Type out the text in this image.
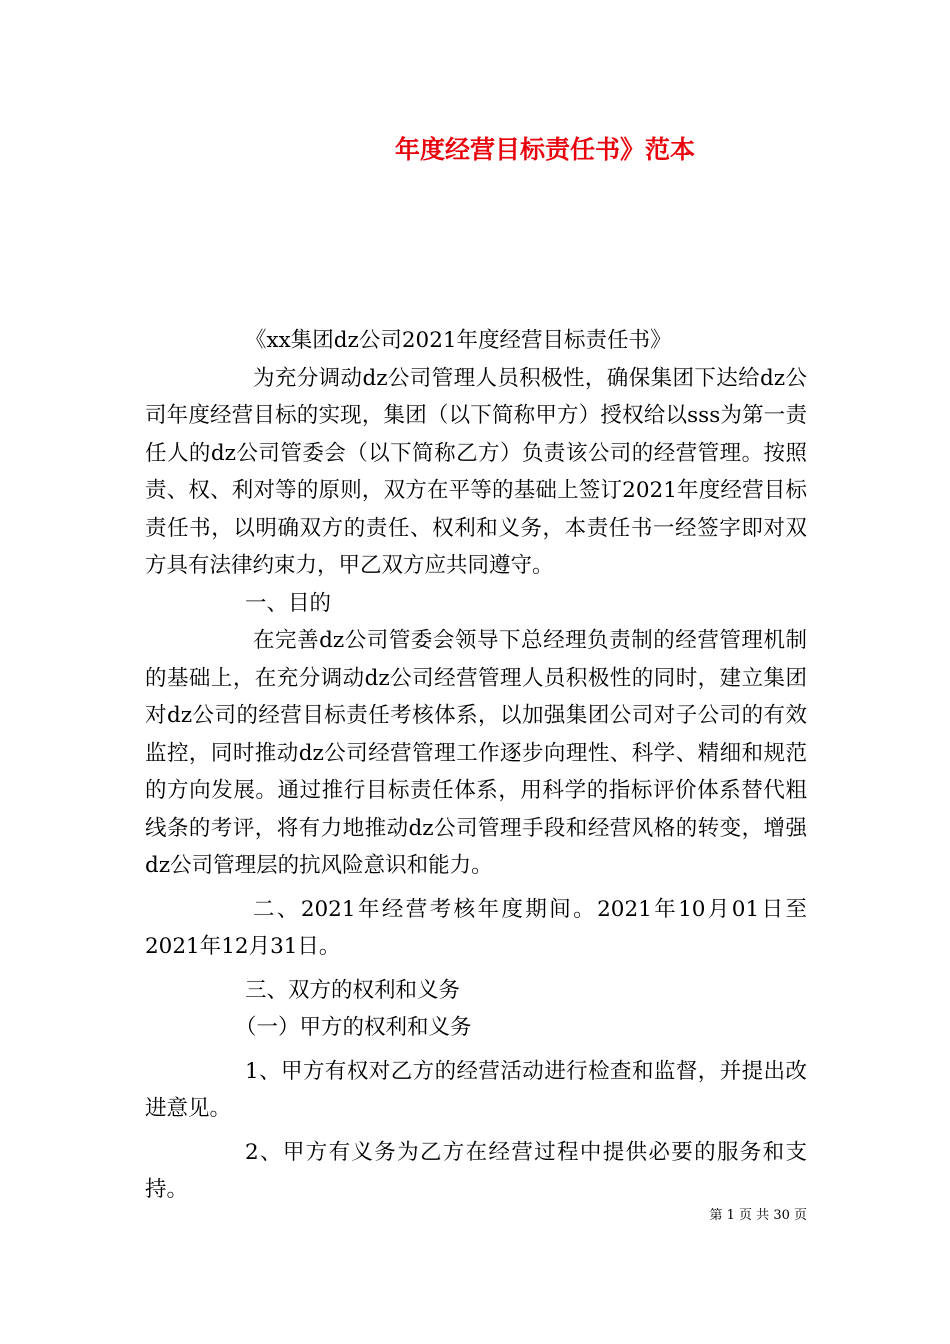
年度经营目标责任书》范本

《xx集团dz公司2021年度经营目标责任书》

为充分调动dz公司管理人员积极性，确保集团下达给dz公司年度经营目标的实现，集团（以下简称甲方）授权给以sss为第一责任人的dz公司管委会（以下简称乙方）负责该公司的经营管理。按照责、权、利对等的原则，双方在平等的基础上签订2021年度经营目标责任书，以明确双方的责任、权利和义务，本责任书一经签字即对双方具有法律约束力，甲乙双方应共同遵守。

一、目的

在完善dz公司管委会领导下总经理负责制的经营管理机制的基础上，在充分调动dz公司经营管理人员积极性的同时，建立集团对dz公司的经营目标责任考核体系，以加强集团公司对子公司的有效监控，同时推动dz公司经营管理工作逐步向理性、科学、精细和规范的方向发展。通过推行目标责任体系，用科学的指标评价体系替代粗线条的考评，将有力地推动dz公司管理手段和经营风格的转变，增强dz公司管理层的抗风险意识和能力。

二、2021年经营考核年度期间。2021年10月01日至2021年12月31日。

三、双方的权利和义务

（一）甲方的权利和义务

1、甲方有权对乙方的经营活动进行检查和监督，并提出改进意见。

2、甲方有义务为乙方在经营过程中提供必要的服务和支持。

第 1 页 共 30 页
